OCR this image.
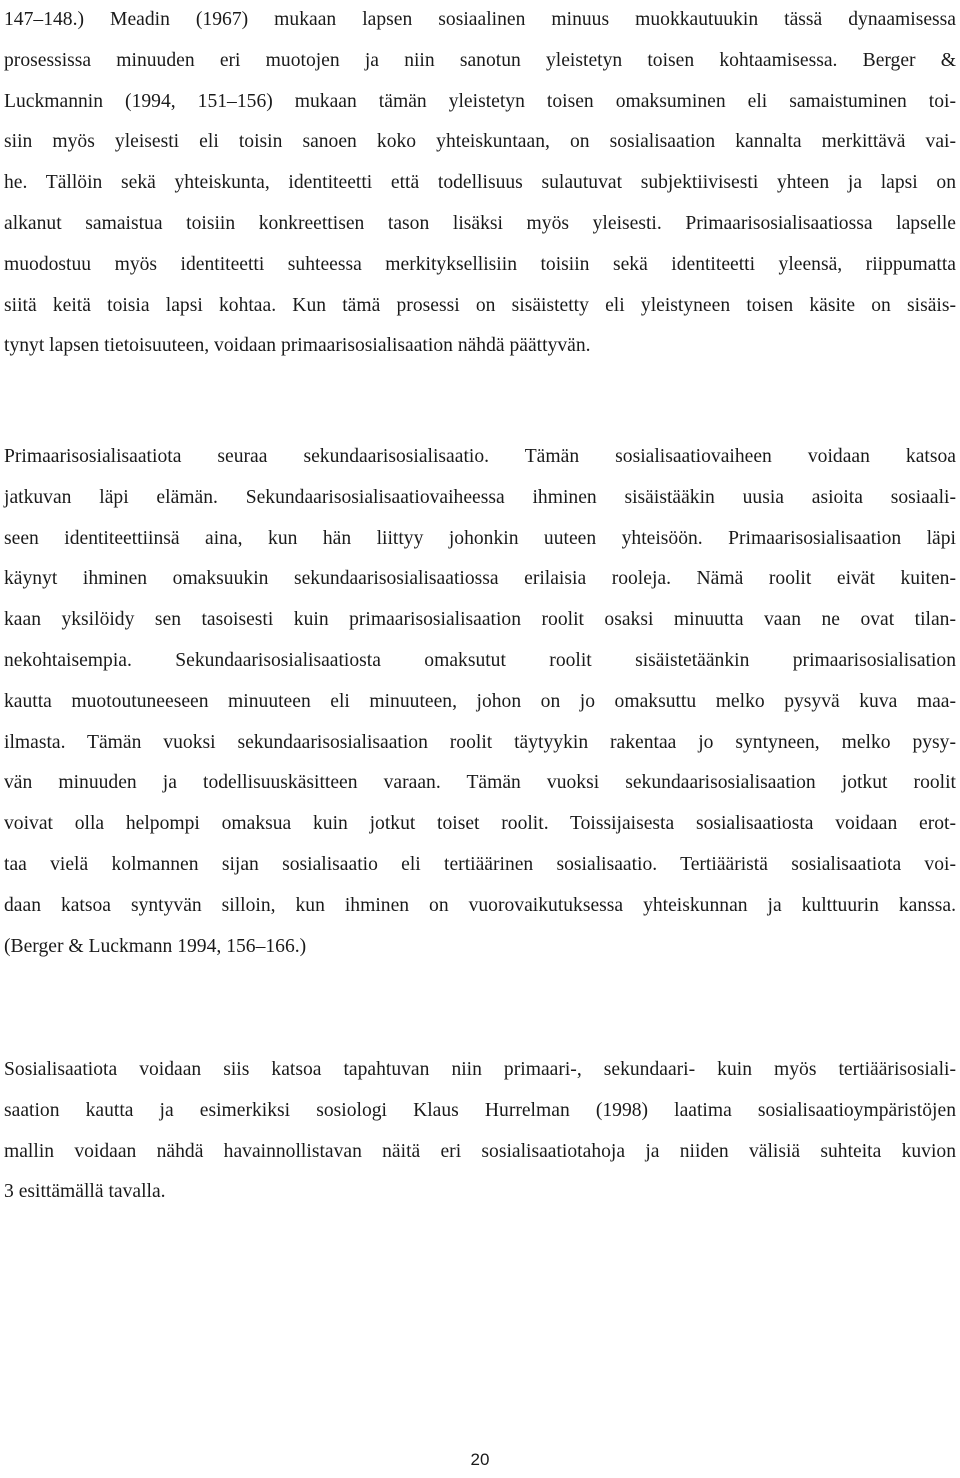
147–148.) Meadin (1967) mukaan lapsen sosiaalinen minuus muokkautuukin tässä dynaamisessa
prosessissa minuuden eri muotojen ja niin sanotun yleistetyn toisen kohtaamisessa. Berger &
Luckmannin (1994, 151–156) mukaan tämän yleistetyn toisen omaksuminen eli samaistuminen toi-
siin myös yleisesti eli toisin sanoen koko yhteiskuntaan, on sosialisaation kannalta merkittävä vai-
he. Tällöin sekä yhteiskunta, identiteetti että todellisuus sulautuvat subjektiivisesti yhteen ja lapsi on
alkanut samaistua toisiin konkreettisen tason lisäksi myös yleisesti. Primaarisosialisaatiossa lapselle
muodostuu myös identiteetti suhteessa merkityksellisiin toisiin sekä identiteetti yleensä, riippumatta
siitä keitä toisia lapsi kohtaa. Kun tämä prosessi on sisäistetty eli yleistyneen toisen käsite on sisäis-
tynyt lapsen tietoisuuteen, voidaan primaarisosialisaation nähdä päättyvän.
Primaarisosialisaatiota seuraa sekundaarisosialisaatio. Tämän sosialisaatiovaiheen voidaan katsoa
jatkuvan läpi elämän. Sekundaarisosialisaatiovaiheessa ihminen sisäistääkin uusia asioita sosiaali-
seen identiteettiinsä aina, kun hän liittyy johonkin uuteen yhteisöön. Primaarisosialisaation läpi
käynyt ihminen omaksuukin sekundaarisosialisaatiossa erilaisia rooleja. Nämä roolit eivät kuiten-
kaan yksilöidy sen tasoisesti kuin primaarisosialisaation roolit osaksi minuutta vaan ne ovat tilan-
nekohtaisempia. Sekundaarisosialisaatiosta omaksutut roolit sisäistetäänkin primaarisosialisation
kautta muotoutuneeseen minuuteen eli minuuteen, johon on jo omaksuttu melko pysyvä kuva maa-
ilmasta. Tämän vuoksi sekundaarisosialisaation roolit täytyykin rakentaa jo syntyneen, melko pysy-
vän minuuden ja todellisuuskäsitteen varaan. Tämän vuoksi sekundaarisosialisaation jotkut roolit
voivat olla helpompi omaksua kuin jotkut toiset roolit. Toissijaisesta sosialisaatiosta voidaan erot-
taa vielä kolmannen sijan sosialisaatio eli tertiäärinen sosialisaatio. Tertiääristä sosialisaatiota voi-
daan katsoa syntyvän silloin, kun ihminen on vuorovaikutuksessa yhteiskunnan ja kulttuurin kanssa.
(Berger & Luckmann 1994, 156–166.)
Sosialisaatiota voidaan siis katsoa tapahtuvan niin primaari-, sekundaari- kuin myös tertiäärisosiali-
saation kautta ja esimerkiksi sosiologi Klaus Hurrelman (1998) laatima sosialisaatioympäristöjen
mallin voidaan nähdä havainnollistavan näitä eri sosialisaatiotahoja ja niiden välisiä suhteita kuvion
3 esittämällä tavalla.
20
